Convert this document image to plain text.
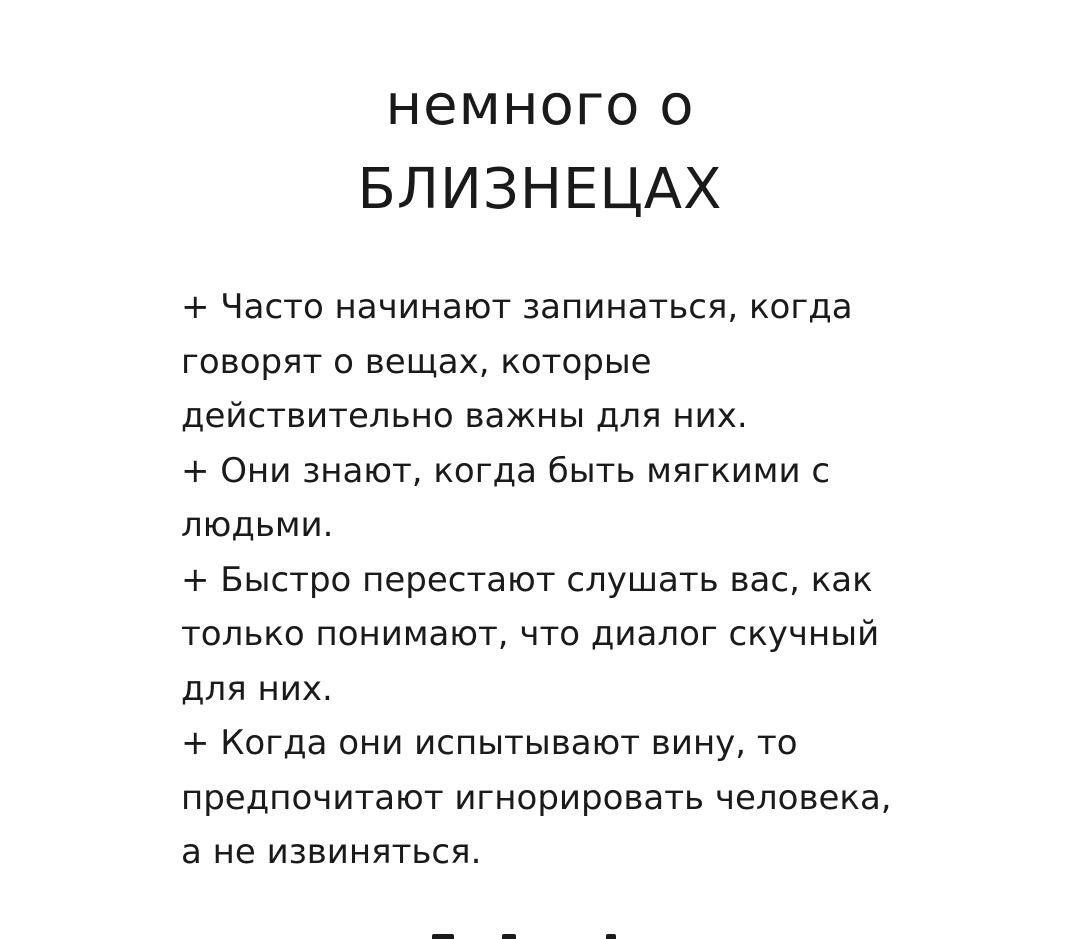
немного о
БЛИЗНЕЦАХ
+ Часто начинают запинаться, когда
говорят о вещах, которые
действительно важны для них.
+ Они знают, когда быть мягкими с
людьми.
+ Быстро перестают слушать вас, как
только понимают, что диалог скучный
для них.
+ Когда они испытывают вину, то
предпочитают игнорировать человека,
а не извиняться.
